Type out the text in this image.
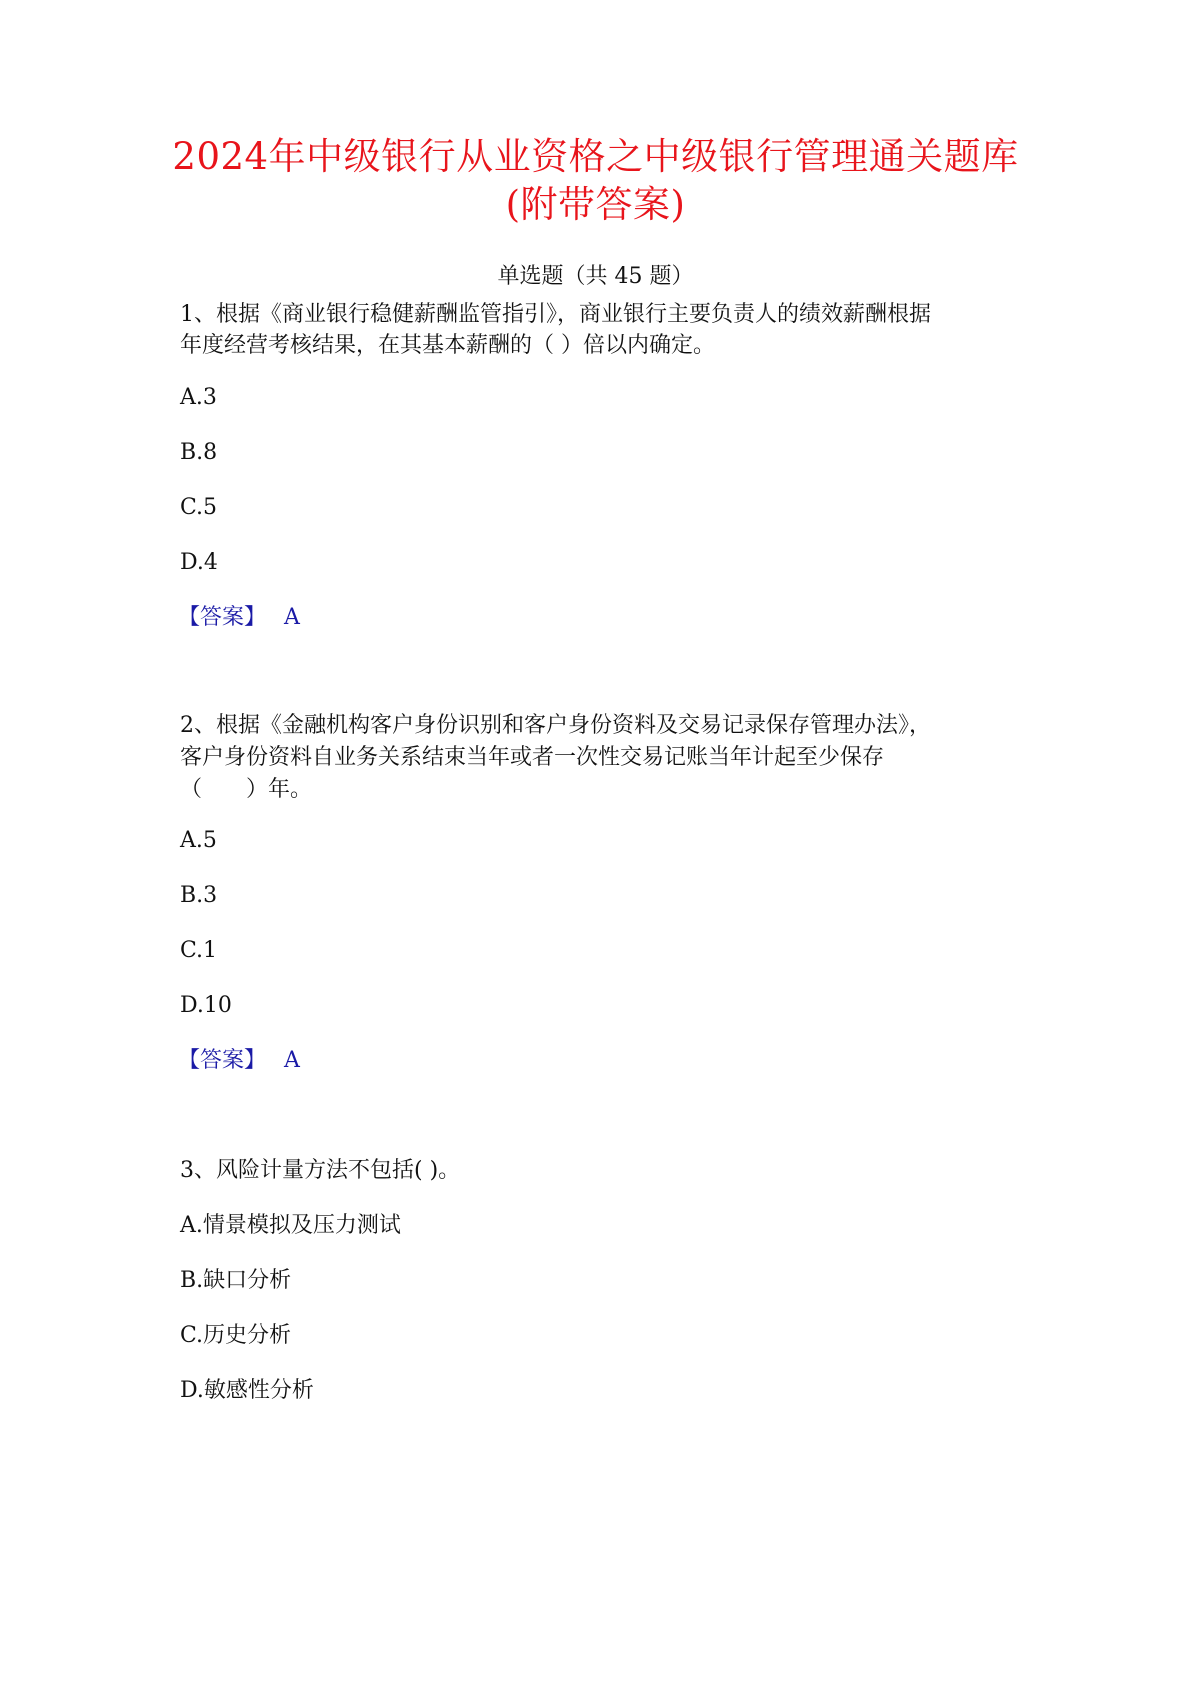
2024年中级银行从业资格之中级银行管理通关题库
(附带答案)
单选题（共 45 题）
1、根据《商业银行稳健薪酬监管指引》，商业银行主要负责人的绩效薪酬根据
年度经营考核结果，在其基本薪酬的（ ）倍以内确定。
A.3
B.8
C.5
D.4
【答案】 A
2、根据《金融机构客户身份识别和客户身份资料及交易记录保存管理办法》，
客户身份资料自业务关系结束当年或者一次性交易记账当年计起至少保存
（　　）年。
A.5
B.3
C.1
D.10
【答案】 A
3、风险计量方法不包括( )。
A.情景模拟及压力测试
B.缺口分析
C.历史分析
D.敏感性分析
